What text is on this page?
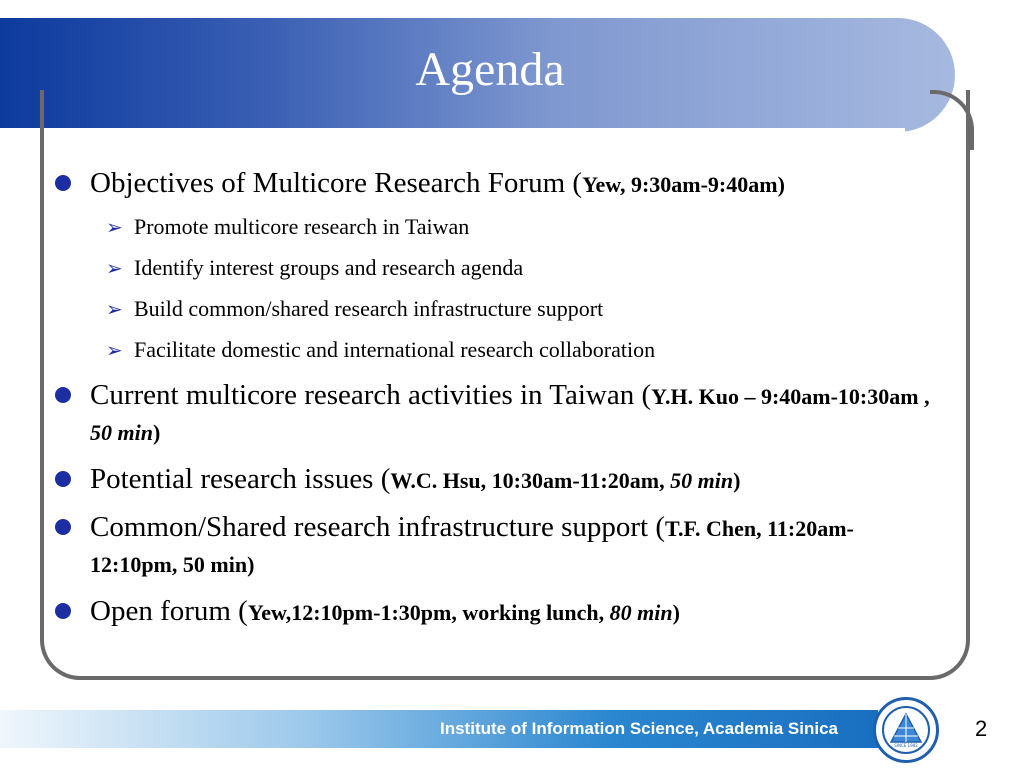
Agenda
Objectives of Multicore Research Forum (Yew, 9:30am-9:40am)
➢ Promote multicore research in Taiwan
➢ Identify interest groups and research agenda
➢ Build common/shared research infrastructure support
➢ Facilitate domestic and international research collaboration
Current multicore research activities in Taiwan (Y.H. Kuo – 9:40am-10:30am , 50 min)
Potential research issues (W.C. Hsu, 10:30am-11:20am, 50 min)
Common/Shared research infrastructure support (T.F. Chen, 11:20am-12:10pm, 50 min)
Open forum (Yew,12:10pm-1:30pm, working lunch, 80 min)
Institute of Information Science, Academia Sinica
SINCE 1982
2
